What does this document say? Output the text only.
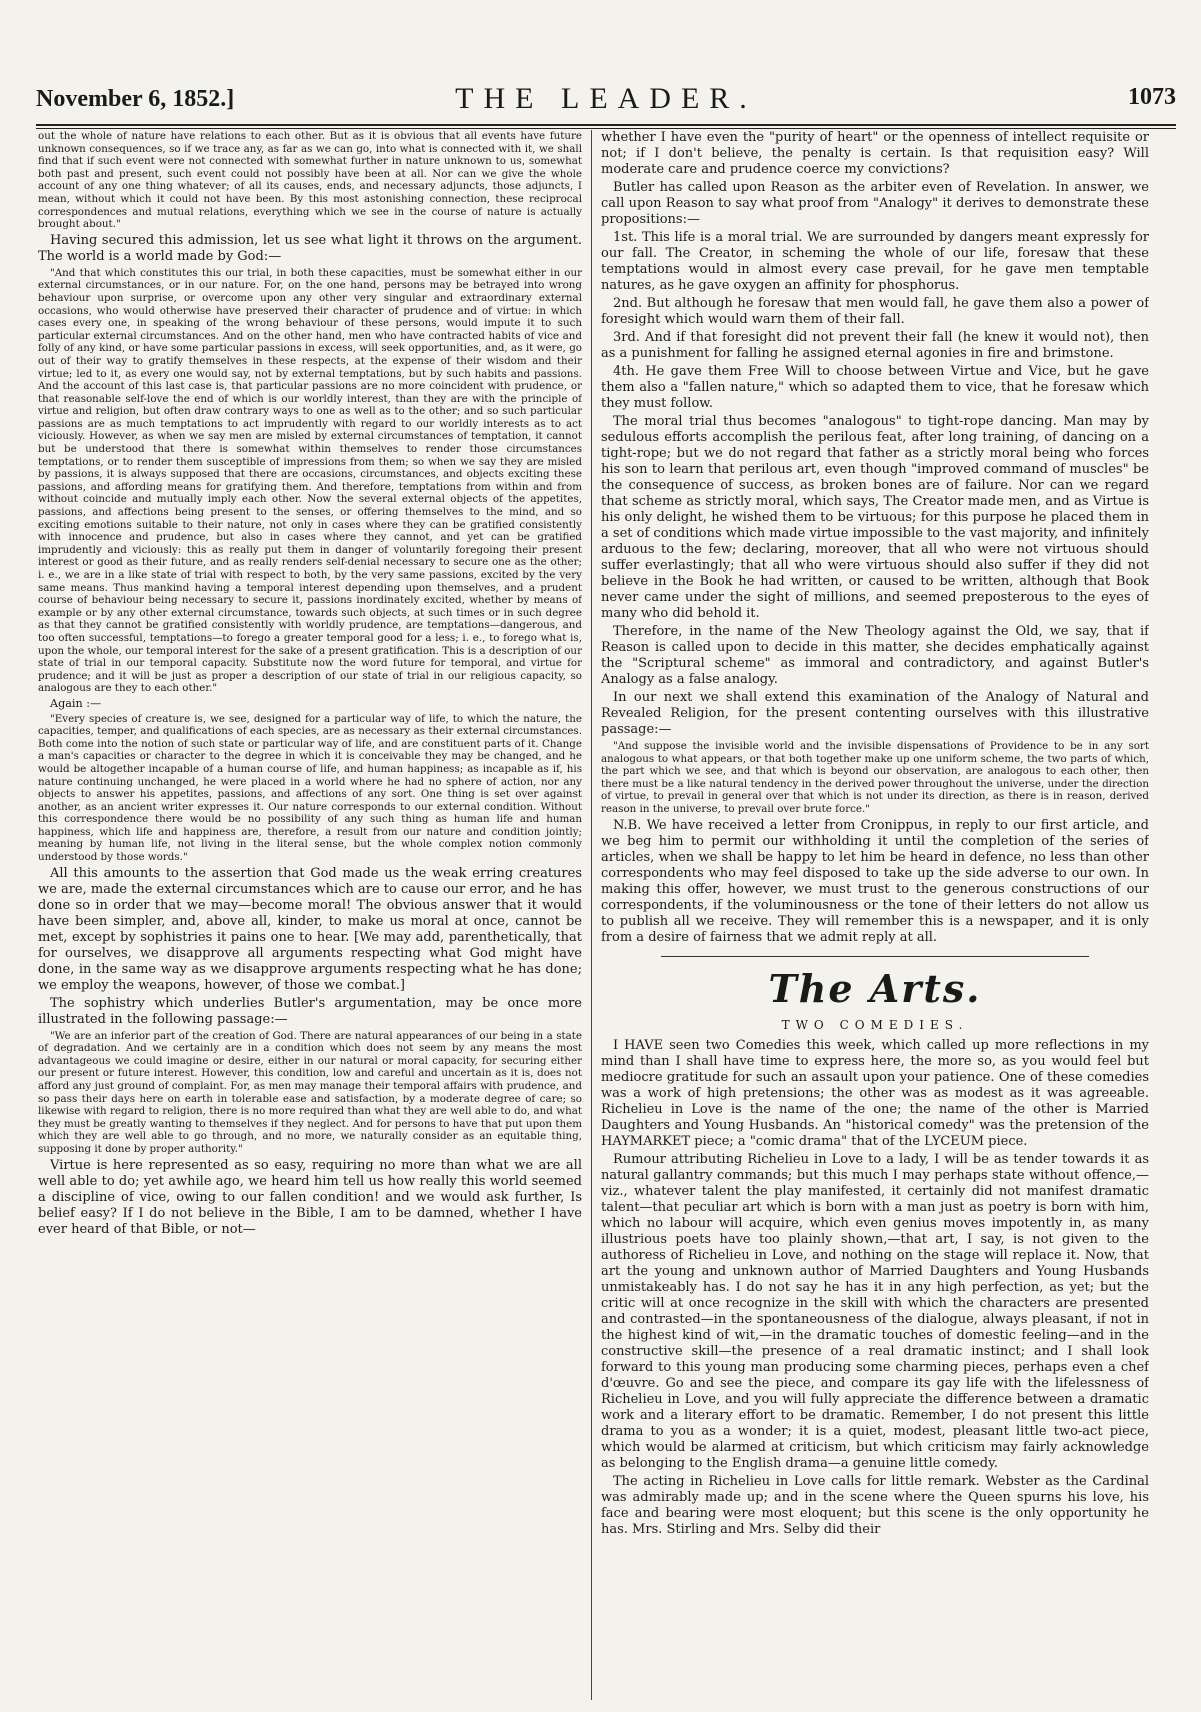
November 6, 1852.]	THE LEADER.	1073

out the whole of nature have relations to each other. But as it is obvious that all events have future unknown consequences, so if we trace any, as far as we can go, into what is connected with it, we shall find that if such event were not connected with somewhat further in nature unknown to us, somewhat both past and present, such event could not possibly have been at all. Nor can we give the whole account of any one thing whatever; of all its causes, ends, and necessary adjuncts, those adjuncts, I mean, without which it could not have been. By this most astonishing connection, these reciprocal correspondences and mutual relations, everything which we see in the course of nature is actually brought about."

Having secured this admission, let us see what light it throws on the argument. The world is a world made by God:—

"And that which constitutes this our trial, in both these capacities, must be somewhat either in our external circumstances, or in our nature. For, on the one hand, persons may be betrayed into wrong behaviour upon surprise, or overcome upon any other very singular and extraordinary external occasions, who would otherwise have preserved their character of prudence and of virtue: in which cases every one, in speaking of the wrong behaviour of these persons, would impute it to such particular external circumstances. And on the other hand, men who have contracted habits of vice and folly of any kind, or have some particular passions in excess, will seek opportunities, and, as it were, go out of their way to gratify themselves in these respects, at the expense of their wisdom and their virtue; led to it, as every one would say, not by external temptations, but by such habits and passions. And the account of this last case is, that particular passions are no more coincident with prudence, or that reasonable self-love the end of which is our worldly interest, than they are with the principle of virtue and religion, but often draw contrary ways to one as well as to the other; and so such particular passions are as much temptations to act imprudently with regard to our worldly interests as to act viciously. However, as when we say men are misled by external circumstances of temptation, it cannot but be understood that there is somewhat within themselves to render those circumstances temptations, or to render them susceptible of impressions from them; so when we say they are misled by passions, it is always supposed that there are occasions, circumstances, and objects exciting these passions, and affording means for gratifying them. And therefore, temptations from within and from without coincide and mutually imply each other. Now the several external objects of the appetites, passions, and affections being present to the senses, or offering themselves to the mind, and so exciting emotions suitable to their nature, not only in cases where they can be gratified consistently with innocence and prudence, but also in cases where they cannot, and yet can be gratified imprudently and viciously: this as really put them in danger of voluntarily foregoing their present interest or good as their future, and as really renders self-denial necessary to secure one as the other; i. e., we are in a like state of trial with respect to both, by the very same passions, excited by the very same means. Thus mankind having a temporal interest depending upon themselves, and a prudent course of behaviour being necessary to secure it, passions inordinately excited, whether by means of example or by any other external circumstance, towards such objects, at such times or in such degree as that they cannot be gratified consistently with worldly prudence, are temptations—dangerous, and too often successful, temptations—to forego a greater temporal good for a less; i. e., to forego what is, upon the whole, our temporal interest for the sake of a present gratification. This is a description of our state of trial in our temporal capacity. Substitute now the word future for temporal, and virtue for prudence; and it will be just as proper a description of our state of trial in our religious capacity, so analogous are they to each other."

Again :—

"Every species of creature is, we see, designed for a particular way of life, to which the nature, the capacities, temper, and qualifications of each species, are as necessary as their external circumstances. Both come into the notion of such state or particular way of life, and are constituent parts of it. Change a man's capacities or character to the degree in which it is conceivable they may be changed, and he would be altogether incapable of a human course of life, and human happiness; as incapable as if, his nature continuing unchanged, he were placed in a world where he had no sphere of action, nor any objects to answer his appetites, passions, and affections of any sort. One thing is set over against another, as an ancient writer expresses it. Our nature corresponds to our external condition. Without this correspondence there would be no possibility of any such thing as human life and human happiness, which life and happiness are, therefore, a result from our nature and condition jointly; meaning by human life, not living in the literal sense, but the whole complex notion commonly understood by those words."

All this amounts to the assertion that God made us the weak erring creatures we are, made the external circumstances which are to cause our error, and he has done so in order that we may—become moral! The obvious answer that it would have been simpler, and, above all, kinder, to make us moral at once, cannot be met, except by sophistries it pains one to hear. [We may add, parenthetically, that for ourselves, we disapprove all arguments respecting what God might have done, in the same way as we disapprove arguments respecting what he has done; we employ the weapons, however, of those we combat.]

The sophistry which underlies Butler's argumentation, may be once more illustrated in the following passage:—

"We are an inferior part of the creation of God. There are natural appearances of our being in a state of degradation. And we certainly are in a condition which does not seem by any means the most advantageous we could imagine or desire, either in our natural or moral capacity, for securing either our present or future interest. However, this condition, low and careful and uncertain as it is, does not afford any just ground of complaint. For, as men may manage their temporal affairs with prudence, and so pass their days here on earth in tolerable ease and satisfaction, by a moderate degree of care; so likewise with regard to religion, there is no more required than what they are well able to do, and what they must be greatly wanting to themselves if they neglect. And for persons to have that put upon them which they are well able to go through, and no more, we naturally consider as an equitable thing, supposing it done by proper authority."

Virtue is here represented as so easy, requiring no more than what we are all well able to do; yet awhile ago, we heard him tell us how really this world seemed a discipline of vice, owing to our fallen condition! and we would ask further, Is belief easy? If I do not believe in the Bible, I am to be damned, whether I have ever heard of that Bible, or not—

whether I have even the "purity of heart" or the openness of intellect requisite or not; if I don't believe, the penalty is certain. Is that requisition easy? Will moderate care and prudence coerce my convictions?

Butler has called upon Reason as the arbiter even of Revelation. In answer, we call upon Reason to say what proof from "Analogy" it derives to demonstrate these propositions:—

1st. This life is a moral trial. We are surrounded by dangers meant expressly for our fall. The Creator, in scheming the whole of our life, foresaw that these temptations would in almost every case prevail, for he gave men temptable natures, as he gave oxygen an affinity for phosphorus.

2nd. But although he foresaw that men would fall, he gave them also a power of foresight which would warn them of their fall.

3rd. And if that foresight did not prevent their fall (he knew it would not), then as a punishment for falling he assigned eternal agonies in fire and brimstone.

4th. He gave them Free Will to choose between Virtue and Vice, but he gave them also a "fallen nature," which so adapted them to vice, that he foresaw which they must follow.

The moral trial thus becomes "analogous" to tight-rope dancing. Man may by sedulous efforts accomplish the perilous feat, after long training, of dancing on a tight-rope; but we do not regard that father as a strictly moral being who forces his son to learn that perilous art, even though "improved command of muscles" be the consequence of success, as broken bones are of failure. Nor can we regard that scheme as strictly moral, which says, The Creator made men, and as Virtue is his only delight, he wished them to be virtuous; for this purpose he placed them in a set of conditions which made virtue impossible to the vast majority, and infinitely arduous to the few; declaring, moreover, that all who were not virtuous should suffer everlastingly; that all who were virtuous should also suffer if they did not believe in the Book he had written, or caused to be written, although that Book never came under the sight of millions, and seemed preposterous to the eyes of many who did behold it.

Therefore, in the name of the New Theology against the Old, we say, that if Reason is called upon to decide in this matter, she decides emphatically against the "Scriptural scheme" as immoral and contradictory, and against Butler's Analogy as a false analogy.

In our next we shall extend this examination of the Analogy of Natural and Revealed Religion, for the present contenting ourselves with this illustrative passage:—

"And suppose the invisible world and the invisible dispensations of Providence to be in any sort analogous to what appears, or that both together make up one uniform scheme, the two parts of which, the part which we see, and that which is beyond our observation, are analogous to each other, then there must be a like natural tendency in the derived power throughout the universe, under the direction of virtue, to prevail in general over that which is not under its direction, as there is in reason, derived reason in the universe, to prevail over brute force."

N.B. We have received a letter from Cronippus, in reply to our first article, and we beg him to permit our withholding it until the completion of the series of articles, when we shall be happy to let him be heard in defence, no less than other correspondents who may feel disposed to take up the side adverse to our own. In making this offer, however, we must trust to the generous constructions of our correspondents, if the voluminousness or the tone of their letters do not allow us to publish all we receive. They will remember this is a newspaper, and it is only from a desire of fairness that we admit reply at all.

The Arts.
TWO COMEDIES.

I HAVE seen two Comedies this week, which called up more reflections in my mind than I shall have time to express here, the more so, as you would feel but mediocre gratitude for such an assault upon your patience. One of these comedies was a work of high pretensions; the other was as modest as it was agreeable. Richelieu in Love is the name of the one; the name of the other is Married Daughters and Young Husbands. An "historical comedy" was the pretension of the HAYMARKET piece; a "comic drama" that of the LYCEUM piece.

Rumour attributing Richelieu in Love to a lady, I will be as tender towards it as natural gallantry commands; but this much I may perhaps state without offence,—viz., whatever talent the play manifested, it certainly did not manifest dramatic talent—that peculiar art which is born with a man just as poetry is born with him, which no labour will acquire, which even genius moves impotently in, as many illustrious poets have too plainly shown,—that art, I say, is not given to the authoress of Richelieu in Love, and nothing on the stage will replace it. Now, that art the young and unknown author of Married Daughters and Young Husbands unmistakeably has. I do not say he has it in any high perfection, as yet; but the critic will at once recognize in the skill with which the characters are presented and contrasted—in the spontaneousness of the dialogue, always pleasant, if not in the highest kind of wit,—in the dramatic touches of domestic feeling—and in the constructive skill—the presence of a real dramatic instinct; and I shall look forward to this young man producing some charming pieces, perhaps even a chef d'œuvre. Go and see the piece, and compare its gay life with the lifelessness of Richelieu in Love, and you will fully appreciate the difference between a dramatic work and a literary effort to be dramatic. Remember, I do not present this little drama to you as a wonder; it is a quiet, modest, pleasant little two-act piece, which would be alarmed at criticism, but which criticism may fairly acknowledge as belonging to the English drama—a genuine little comedy.

The acting in Richelieu in Love calls for little remark. Webster as the Cardinal was admirably made up; and in the scene where the Queen spurns his love, his face and bearing were most eloquent; but this scene is the only opportunity he has. Mrs. Stirling and Mrs. Selby did their
